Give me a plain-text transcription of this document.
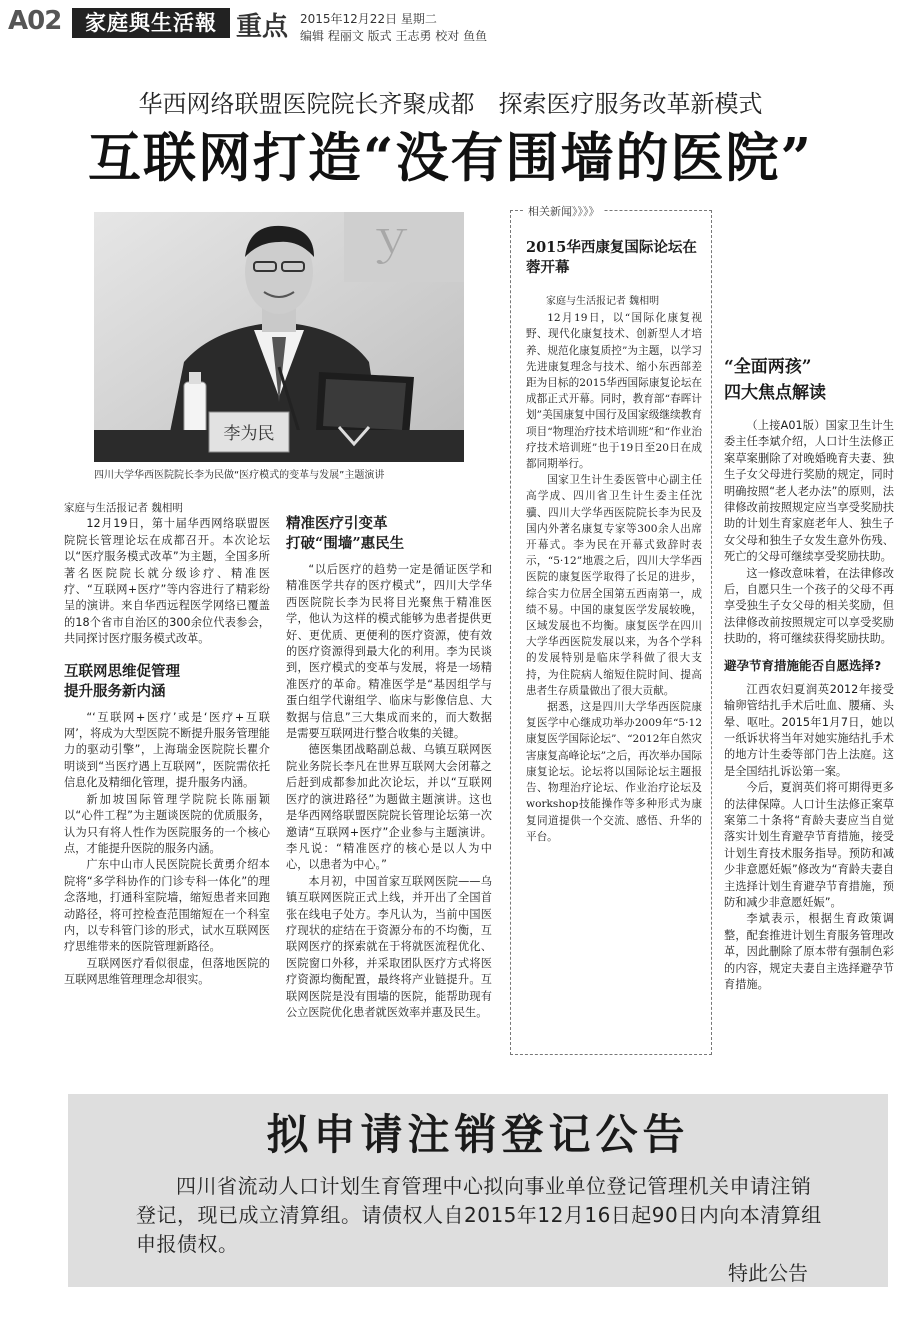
A02	家庭與生活報 重点 2015年12月22日 星期二
编辑 程丽文 版式 王志勇 校对 鱼鱼
华西网络联盟医院院长齐聚成都　探索医疗服务改革新模式
互联网打造“没有围墙的医院”
ｙ
李为民
四川大学华西医院院长李为民做“医疗模式的变革与发展”主题演讲

家庭与生活报记者 魏相明

12月19日，第十届华西网络联盟医院院长管理论坛在成都召开。本次论坛以“医疗服务模式改革”为主题，全国多所著名医院院长就分级诊疗、精准医疗、“互联网+医疗”等内容进行了精彩纷呈的演讲。来自华西远程医学网络已覆盖的18个省市自治区的300余位代表参会，共同探讨医疗服务模式改革。

互联网思维促管理
提升服务新内涵

“‘互联网+医疗’或是‘医疗+互联网’，将成为大型医院不断提升服务管理能力的驱动引擎”，上海瑞金医院院长瞿介明谈到“当医疗遇上互联网”，医院需依托信息化及精细化管理，提升服务内涵。

新加坡国际管理学院院长陈丽颖以“心件工程”为主题谈医院的优质服务，认为只有将人性作为医院服务的一个核心点，才能提升医院的服务内涵。

广东中山市人民医院院长黄勇介绍本院将“多学科协作的门诊专科一体化”的理念落地，打通科室院墙，缩短患者来回跑动路径，将可控检查范围缩短在一个科室内，以专科管门诊的形式，试水互联网医疗思维带来的医院管理新路径。

互联网医疗看似很虚，但落地医院的互联网思维管理理念却很实。

精准医疗引变革
打破“围墙”惠民生

“以后医疗的趋势一定是循证医学和精准医学共存的医疗模式”，四川大学华西医院院长李为民将目光聚焦于精准医学，他认为这样的模式能够为患者提供更好、更优质、更便利的医疗资源，使有效的医疗资源得到最大化的利用。李为民谈到，医疗模式的变革与发展，将是一场精准医疗的革命。精准医学是“基因组学与蛋白组学代谢组学、临床与影像信息、大数据与信息”三大集成而来的，而大数据是需要互联网进行整合收集的关键。

德医集团战略副总裁、乌镇互联网医院业务院长李凡在世界互联网大会闭幕之后赶到成都参加此次论坛，并以“互联网医疗的演进路径”为题做主题演讲。这也是华西网络联盟医院院长管理论坛第一次邀请“互联网+医疗”企业参与主题演讲。李凡说：“精准医疗的核心是以人为中心，以患者为中心。”

本月初，中国首家互联网医院——乌镇互联网医院正式上线，并开出了全国首张在线电子处方。李凡认为，当前中国医疗现状的症结在于资源分布的不均衡，互联网医疗的探索就在于将就医流程优化、医院窗口外移，并采取团队医疗方式将医疗资源均衡配置，最终将产业链提升。互联网医院是没有围墙的医院，能帮助现有公立医院优化患者就医效率并惠及民生。

相关新闻》》》》
2015华西康复国际论坛在蓉开幕

家庭与生活报记者 魏相明

12月19日，以“国际化康复视野、现代化康复技术、创新型人才培养、规范化康复质控”为主题，以学习先进康复理念与技术、缩小东西部差距为目标的2015华西国际康复论坛在成都正式开幕。同时，教育部“春晖计划”美国康复中国行及国家级继续教育项目“物理治疗技术培训班”和“作业治疗技术培训班”也于19日至20日在成都同期举行。

国家卫生计生委医管中心副主任高学成、四川省卫生计生委主任沈骥、四川大学华西医院院长李为民及国内外著名康复专家等300余人出席开幕式。李为民在开幕式致辞时表示，“5·12”地震之后，四川大学华西医院的康复医学取得了长足的进步，综合实力位居全国第五西南第一，成绩不易。中国的康复医学发展较晚，区域发展也不均衡。康复医学在四川大学华西医院发展以来，为各个学科的发展特别是临床学科做了很大支持，为住院病人缩短住院时间、提高患者生存质量做出了很大贡献。

据悉，这是四川大学华西医院康复医学中心继成功举办2009年“5·12康复医学国际论坛”、“2012年自然灾害康复高峰论坛”之后，再次举办国际康复论坛。论坛将以国际论坛主题报告、物理治疗论坛、作业治疗论坛及workshop技能操作等多种形式为康复同道提供一个交流、感悟、升华的平台。

“全面两孩”
四大焦点解读

（上接A01版）国家卫生计生委主任李斌介绍，人口计生法修正案草案删除了对晚婚晚育夫妻、独生子女父母进行奖励的规定，同时明确按照“老人老办法”的原则，法律修改前按照规定应当享受奖励扶助的计划生育家庭老年人、独生子女父母和独生子女发生意外伤残、死亡的父母可继续享受奖励扶助。

这一修改意味着，在法律修改后，自愿只生一个孩子的父母不再享受独生子女父母的相关奖励，但法律修改前按照规定可以享受奖励扶助的，将可继续获得奖励扶助。

避孕节育措施能否自愿选择?

江西农妇夏润英2012年接受输卵管结扎手术后吐血、腰痛、头晕、呕吐。2015年1月7日，她以一纸诉状将当年对她实施结扎手术的地方计生委等部门告上法庭。这是全国结扎诉讼第一案。

今后，夏润英们将可期得更多的法律保障。人口计生法修正案草案第二十条将“育龄夫妻应当自觉落实计划生育避孕节育措施，接受计划生育技术服务指导。预防和减少非意愿妊娠”修改为“育龄夫妻自主选择计划生育避孕节育措施，预防和减少非意愿妊娠”。

李斌表示，根据生育政策调整，配套推进计划生育服务管理改革，因此删除了原本带有强制色彩的内容，规定夫妻自主选择避孕节育措施。

拟申请注销登记公告
四川省流动人口计划生育管理中心拟向事业单位登记管理机关申请注销登记，现已成立清算组。请债权人自2015年12月16日起90日内向本清算组申报债权。
特此公告
